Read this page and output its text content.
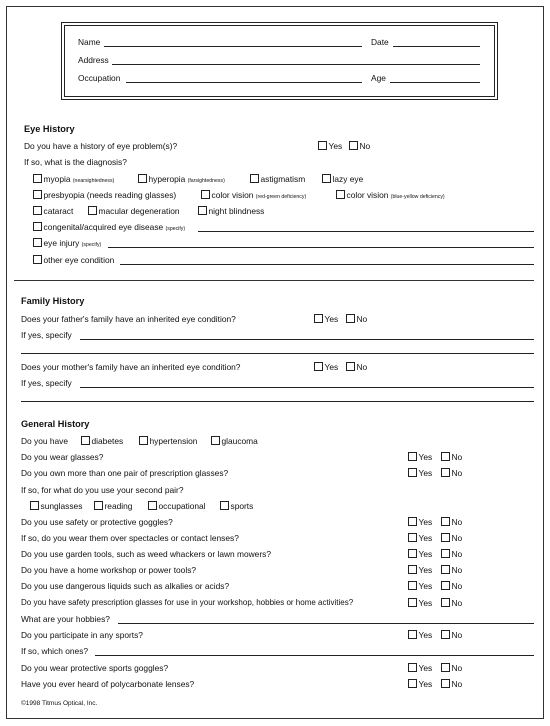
Name	Date
Address
Occupation	Age
Eye History
Do you have a history of eye problem(s)?	Yes	No
If so, what is the diagnosis?
myopia (nearsightedness)	hyperopia (farsightedness)	astigmatism	lazy eye
presbyopia (needs reading glasses)	color vision (red-green deficiency)	color vision (blue-yellow deficiency)
cataract	macular degeneration	night blindness
congenital/acquired eye disease (specify)
eye injury (specify)
other eye condition
Family History
Does your father's family have an inherited eye condition?	Yes	No
If yes, specify
Does your mother's family have an inherited eye condition?	Yes	No
If yes, specify
General History
Do you have	diabetes	hypertension	glaucoma
Do you wear glasses?	Yes	No
Do you own more than one pair of prescription glasses?	Yes	No
If so, for what do you use your second pair?
sunglasses	reading	occupational	sports
Do you use safety or protective goggles?	Yes	No
If so, do you wear them over spectacles or contact lenses?	Yes	No
Do you use garden tools, such as weed whackers or lawn mowers?	Yes	No
Do you have a home workshop or power tools?	Yes	No
Do you use dangerous liquids such as alkalies or acids?	Yes	No
Do you have safety prescription glasses for use in your workshop, hobbies or home activities?	Yes	No
What are your hobbies?
Do you participate in any sports?	Yes	No
If so, which ones?
Do you wear protective sports goggles?	Yes	No
Have you ever heard of polycarbonate lenses?	Yes	No
©1998 Titmus Optical, Inc.
